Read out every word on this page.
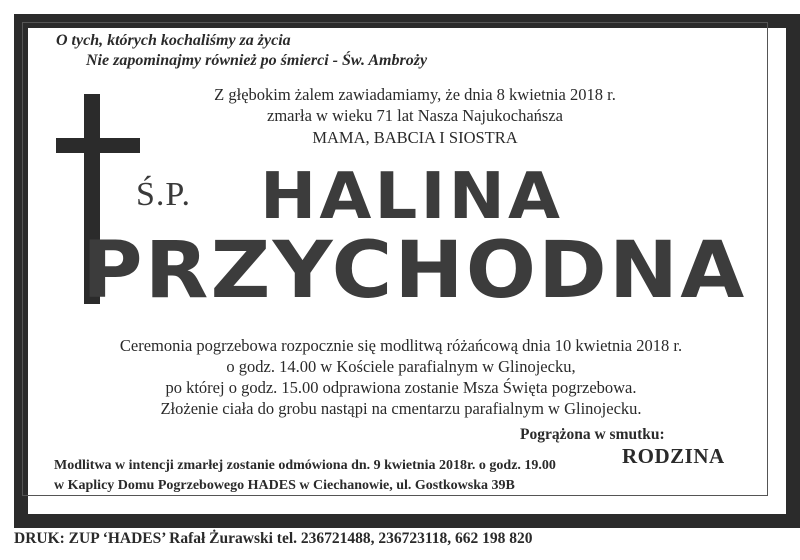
O tych, których kochaliśmy za życia
Nie zapominajmy również po śmierci - Św. Ambroży
Z głębokim żalem zawiadamiamy, że dnia 8 kwietnia 2018 r.
zmarła w wieku 71 lat Nasza Najukochańsza
MAMA, BABCIA I SIOSTRA
Ś.P. HALINA
PRZYCHODNA
Ceremonia pogrzebowa rozpocznie się modlitwą różańcową dnia 10 kwietnia 2018 r.
o godz. 14.00 w Kościele parafialnym w Glinojecku,
po której o godz. 15.00 odprawiona zostanie Msza Święta pogrzebowa.
Złożenie ciała do grobu nastąpi na cmentarzu parafialnym w Glinojecku.
Pogrążona w smutku:
RODZINA
Modlitwa w intencji zmarłej zostanie odmówiona dn. 9 kwietnia 2018r. o godz. 19.00
w Kaplicy Domu Pogrzebowego HADES w Ciechanowie, ul. Gostkowska 39B
DRUK: ZUP ‘HADES’ Rafał Żurawski tel. 236721488, 236723118, 662 198 820
